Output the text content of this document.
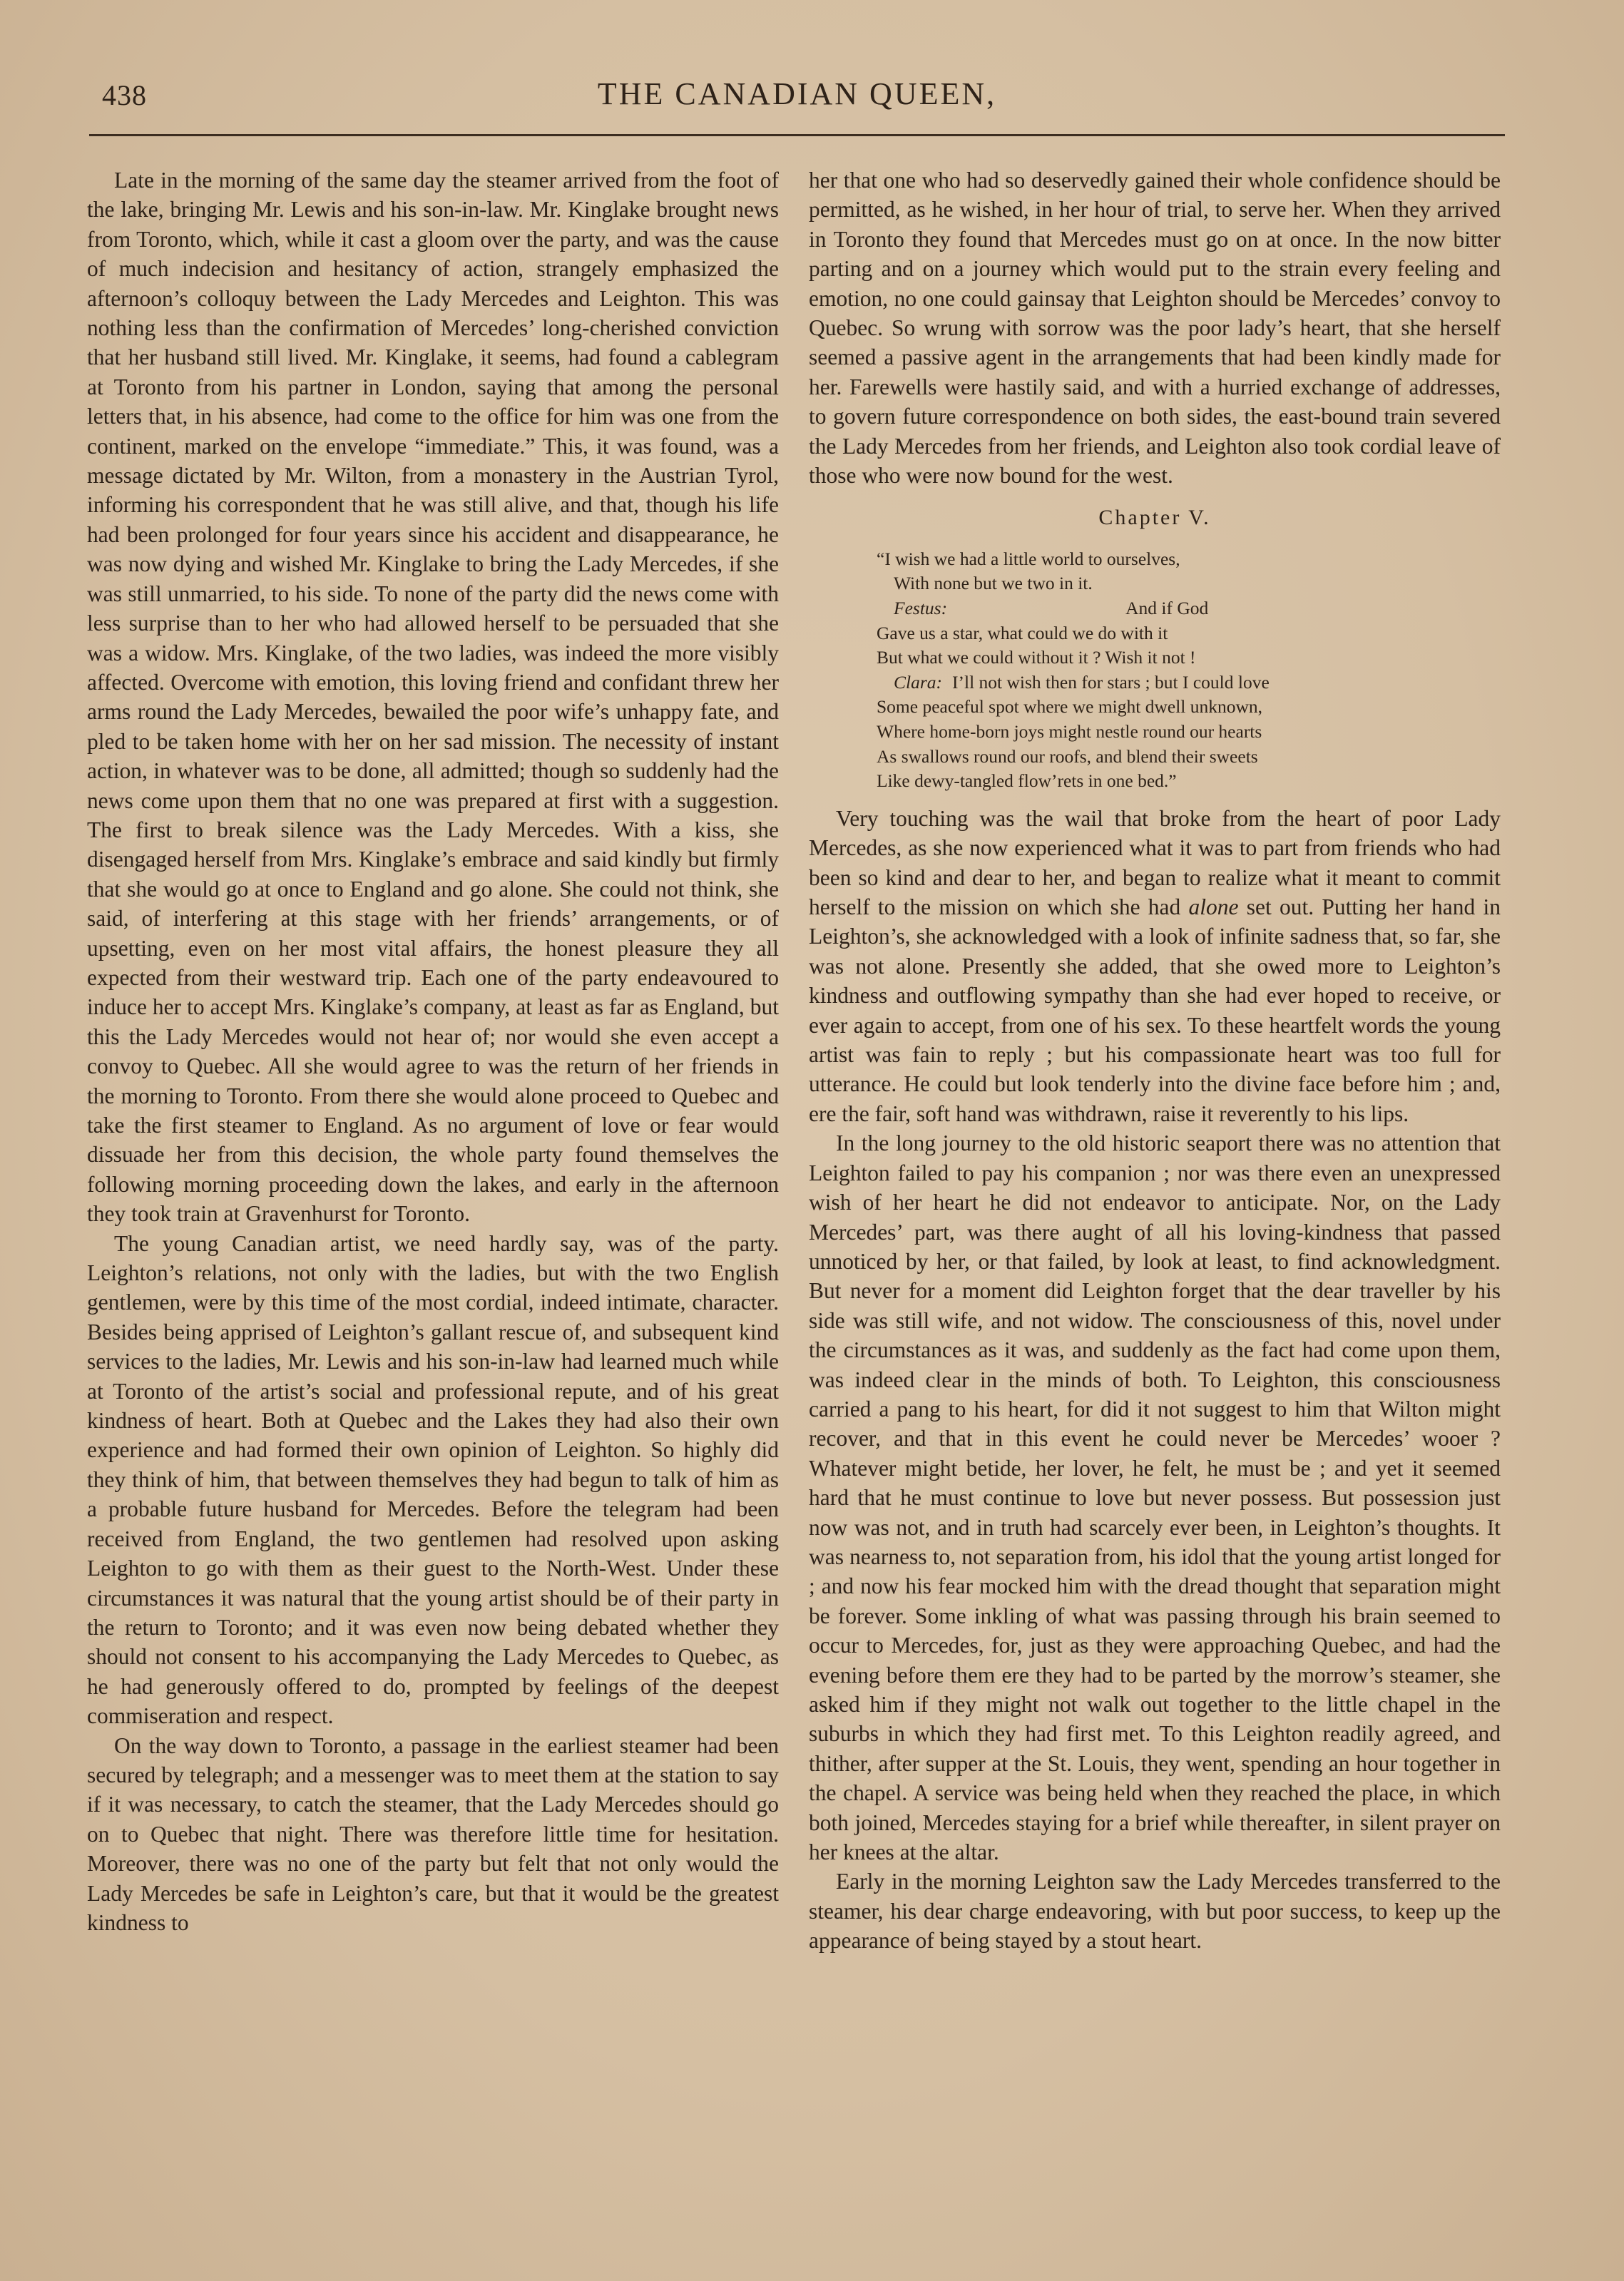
438	THE CANADIAN QUEEN,

Late in the morning of the same day the steamer arrived from the foot of the lake, bringing Mr. Lewis and his son-in-law. Mr. Kinglake brought news from Toronto, which, while it cast a gloom over the party, and was the cause of much indecision and hesitancy of action, strangely emphasized the afternoon’s colloquy between the Lady Mercedes and Leighton. This was nothing less than the confirmation of Mercedes’ long-cherished conviction that her husband still lived. Mr. Kinglake, it seems, had found a cablegram at Toronto from his partner in London, saying that among the personal letters that, in his absence, had come to the office for him was one from the continent, marked on the envelope “immediate.” This, it was found, was a message dictated by Mr. Wilton, from a monastery in the Austrian Tyrol, informing his correspondent that he was still alive, and that, though his life had been prolonged for four years since his accident and disappearance, he was now dying and wished Mr. Kinglake to bring the Lady Mercedes, if she was still unmarried, to his side. To none of the party did the news come with less surprise than to her who had allowed herself to be persuaded that she was a widow. Mrs. Kinglake, of the two ladies, was indeed the more visibly affected. Overcome with emotion, this loving friend and confidant threw her arms round the Lady Mercedes, bewailed the poor wife’s unhappy fate, and pled to be taken home with her on her sad mission. The necessity of instant action, in whatever was to be done, all admitted; though so suddenly had the news come upon them that no one was prepared at first with a suggestion. The first to break silence was the Lady Mercedes. With a kiss, she disengaged herself from Mrs. Kinglake’s embrace and said kindly but firmly that she would go at once to England and go alone. She could not think, she said, of interfering at this stage with her friends’ arrangements, or of upsetting, even on her most vital affairs, the honest pleasure they all expected from their westward trip. Each one of the party endeavoured to induce her to accept Mrs. Kinglake’s company, at least as far as England, but this the Lady Mercedes would not hear of; nor would she even accept a convoy to Quebec. All she would agree to was the return of her friends in the morning to Toronto. From there she would alone proceed to Quebec and take the first steamer to England. As no argument of love or fear would dissuade her from this decision, the whole party found themselves the following morning proceeding down the lakes, and early in the afternoon they took train at Gravenhurst for Toronto.

The young Canadian artist, we need hardly say, was of the party. Leighton’s relations, not only with the ladies, but with the two English gentlemen, were by this time of the most cordial, indeed intimate, character. Besides being apprised of Leighton’s gallant rescue of, and subsequent kind services to the ladies, Mr. Lewis and his son-in-law had learned much while at Toronto of the artist’s social and professional repute, and of his great kindness of heart. Both at Quebec and the Lakes they had also their own experience and had formed their own opinion of Leighton. So highly did they think of him, that between themselves they had begun to talk of him as a probable future husband for Mercedes. Before the telegram had been received from England, the two gentlemen had resolved upon asking Leighton to go with them as their guest to the North-West. Under these circumstances it was natural that the young artist should be of their party in the return to Toronto; and it was even now being debated whether they should not consent to his accompanying the Lady Mercedes to Quebec, as he had generously offered to do, prompted by feelings of the deepest commiseration and respect.

On the way down to Toronto, a passage in the earliest steamer had been secured by telegraph; and a messenger was to meet them at the station to say if it was necessary, to catch the steamer, that the Lady Mercedes should go on to Quebec that night. There was therefore little time for hesitation. Moreover, there was no one of the party but felt that not only would the Lady Mercedes be safe in Leighton’s care, but that it would be the greatest kindness to

her that one who had so deservedly gained their whole confidence should be permitted, as he wished, in her hour of trial, to serve her. When they arrived in Toronto they found that Mercedes must go on at once. In the now bitter parting and on a journey which would put to the strain every feeling and emotion, no one could gainsay that Leighton should be Mercedes’ convoy to Quebec. So wrung with sorrow was the poor lady’s heart, that she herself seemed a passive agent in the arrangements that had been kindly made for her. Farewells were hastily said, and with a hurried exchange of addresses, to govern future correspondence on both sides, the east-bound train severed the Lady Mercedes from her friends, and Leighton also took cordial leave of those who were now bound for the west.

Chapter V.
“I wish we had a little world to ourselves,
With none but we two in it.
Festus:	And if God
Gave us a star, what could we do with it
But what we could without it ? Wish it not !
Clara: I’ll not wish then for stars ; but I could love
Some peaceful spot where we might dwell unknown,
Where home-born joys might nestle round our hearts
As swallows round our roofs, and blend their sweets
Like dewy-tangled flow’rets in one bed.”

Very touching was the wail that broke from the heart of poor Lady Mercedes, as she now experienced what it was to part from friends who had been so kind and dear to her, and began to realize what it meant to commit herself to the mission on which she had alone set out. Putting her hand in Leighton’s, she acknowledged with a look of infinite sadness that, so far, she was not alone. Presently she added, that she owed more to Leighton’s kindness and outflowing sympathy than she had ever hoped to receive, or ever again to accept, from one of his sex. To these heartfelt words the young artist was fain to reply ; but his compassionate heart was too full for utterance. He could but look tenderly into the divine face before him ; and, ere the fair, soft hand was withdrawn, raise it reverently to his lips.

In the long journey to the old historic seaport there was no attention that Leighton failed to pay his companion ; nor was there even an unexpressed wish of her heart he did not endeavor to anticipate. Nor, on the Lady Mercedes’ part, was there aught of all his loving-kindness that passed unnoticed by her, or that failed, by look at least, to find acknowledgment. But never for a moment did Leighton forget that the dear traveller by his side was still wife, and not widow. The consciousness of this, novel under the circumstances as it was, and suddenly as the fact had come upon them, was indeed clear in the minds of both. To Leighton, this consciousness carried a pang to his heart, for did it not suggest to him that Wilton might recover, and that in this event he could never be Mercedes’ wooer ? Whatever might betide, her lover, he felt, he must be ; and yet it seemed hard that he must continue to love but never possess. But possession just now was not, and in truth had scarcely ever been, in Leighton’s thoughts. It was nearness to, not separation from, his idol that the young artist longed for ; and now his fear mocked him with the dread thought that separation might be forever. Some inkling of what was passing through his brain seemed to occur to Mercedes, for, just as they were approaching Quebec, and had the evening before them ere they had to be parted by the morrow’s steamer, she asked him if they might not walk out together to the little chapel in the suburbs in which they had first met. To this Leighton readily agreed, and thither, after supper at the St. Louis, they went, spending an hour together in the chapel. A service was being held when they reached the place, in which both joined, Mercedes staying for a brief while thereafter, in silent prayer on her knees at the altar.

Early in the morning Leighton saw the Lady Mercedes transferred to the steamer, his dear charge endeavoring, with but poor success, to keep up the appearance of being stayed by a stout heart.
